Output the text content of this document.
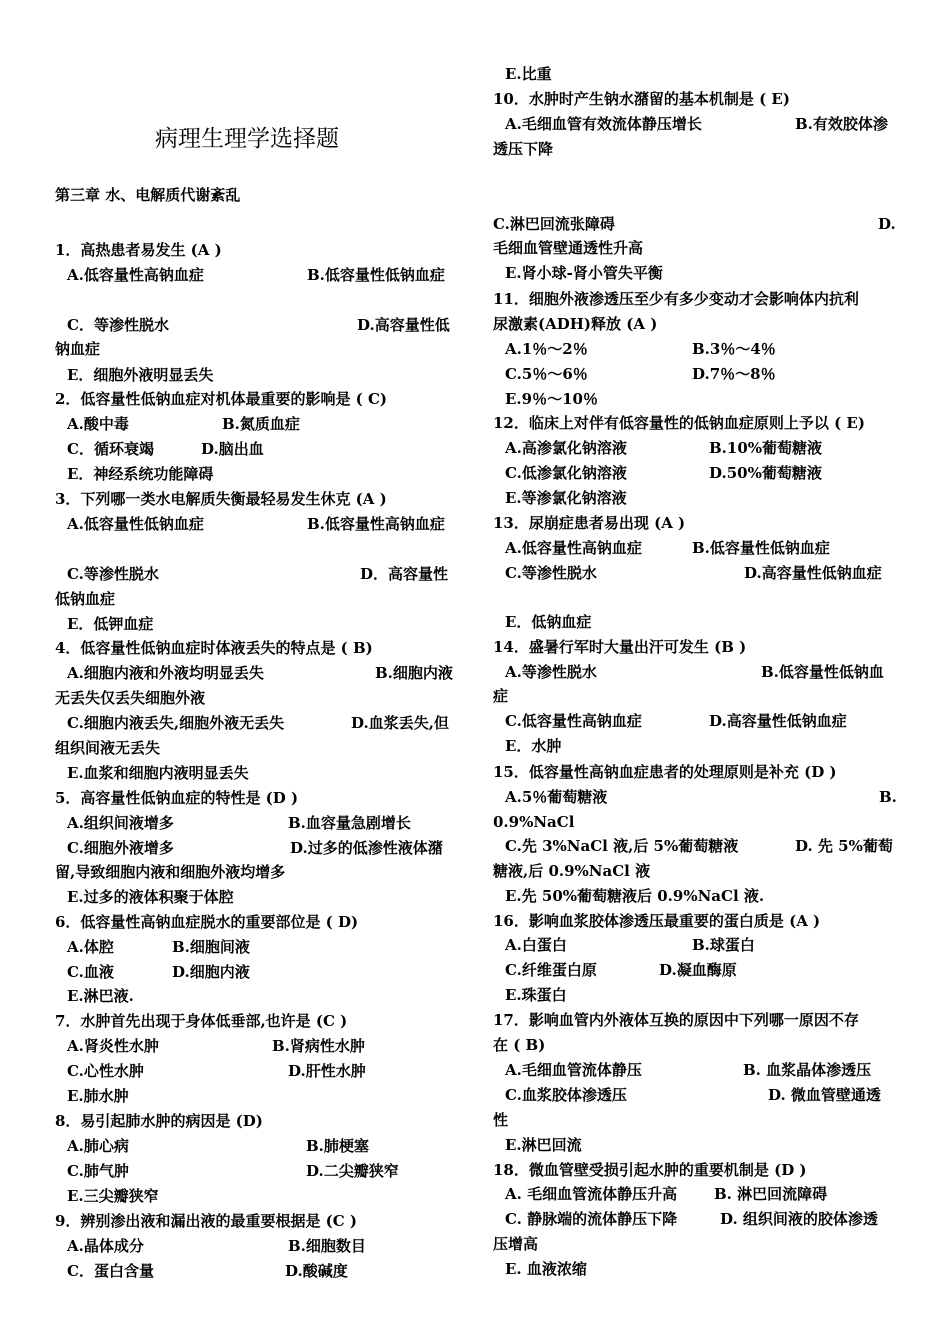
病理生理学选择题
第三章 水、电解质代谢紊乱
1．高热患者易发生 (A )
A.低容量性高钠血症	B.低容量性低钠血症
C．等渗性脱水	D.高容量性低
钠血症
E．细胞外液明显丢失
2．低容量性低钠血症对机体最重要的影响是 ( C)
A.酸中毒	B.氮质血症
C．循环衰竭	D.脑出血
E．神经系统功能障碍
3．下列哪一类水电解质失衡最轻易发生休克 (A )
A.低容量性低钠血症	B.低容量性高钠血症
C.等渗性脱水	D．高容量性
低钠血症
E．低钾血症
4．低容量性低钠血症时体液丢失的特点是 ( B)
A.细胞内液和外液均明显丢失	B.细胞内液
无丢失仅丢失细胞外液
C.细胞内液丢失,细胞外液无丢失	D.血浆丢失,但
组织间液无丢失
E.血浆和细胞内液明显丢失
5．高容量性低钠血症的特性是 (D )
A.组织间液增多	B.血容量急剧增长
C.细胞外液增多	D.过多的低渗性液体潴
留,导致细胞内液和细胞外液均增多
E.过多的液体积聚于体腔
6．低容量性高钠血症脱水的重要部位是 ( D)
A.体腔	B.细胞间液
C.血液	D.细胞内液
E.淋巴液.
7．水肿首先出现于身体低垂部,也许是 (C )
A.肾炎性水肿	B.肾病性水肿
C.心性水肿	D.肝性水肿
E.肺水肿
8．易引起肺水肿的病因是 (D)
A.肺心病	B.肺梗塞
C.肺气肿	D.二尖瓣狭窄
E.三尖瓣狭窄
9．辨别渗出液和漏出液的最重要根据是 (C )
A.晶体成分	B.细胞数目
C．蛋白含量	D.酸碱度
E.比重
10．水肿时产生钠水潴留的基本机制是 ( E)
A.毛细血管有效流体静压增长	B.有效胶体渗
透压下降
C.淋巴回流张障碍	D.
毛细血管壁通透性升高
E.肾小球-肾小管失平衡
11．细胞外液渗透压至少有多少变动才会影响体内抗利
尿激素(ADH)释放 (A )
A.1％～2％	B.3％～4％
C.5％～6％	D.7％～8％
E.9％～10％
12．临床上对伴有低容量性的低钠血症原则上予以 ( E)
A.高渗氯化钠溶液	B.10%葡萄糖液
C.低渗氯化钠溶液	D.50%葡萄糖液
E.等渗氯化钠溶液
13．尿崩症患者易出现 (A )
A.低容量性高钠血症	B.低容量性低钠血症
C.等渗性脱水	D.高容量性低钠血症
E．低钠血症
14．盛暑行军时大量出汗可发生 (B )
A.等渗性脱水	B.低容量性低钠血
症
C.低容量性高钠血症	D.高容量性低钠血症
E．水肿
15．低容量性高钠血症患者的处理原则是补充 (D )
A.5％葡萄糖液	B.
0.9%NaCl
C.先 3%NaCl 液,后 5%葡萄糖液	D. 先 5%葡萄
糖液,后 0.9%NaCl 液
E.先 50%葡萄糖液后 0.9%NaCl 液.
16．影响血浆胶体渗透压最重要的蛋白质是 (A )
A.白蛋白	B.球蛋白
C.纤维蛋白原	D.凝血酶原
E.珠蛋白
17．影响血管内外液体互换的原因中下列哪一原因不存
在 ( B)
A.毛细血管流体静压	B. 血浆晶体渗透压
C.血浆胶体渗透压	D. 微血管壁通透
性
E.淋巴回流
18．微血管壁受损引起水肿的重要机制是 (D )
A. 毛细血管流体静压升高 B. 淋巴回流障碍
C. 静脉端的流体静压下降	D. 组织间液的胶体渗透
压增高
E. 血液浓缩
